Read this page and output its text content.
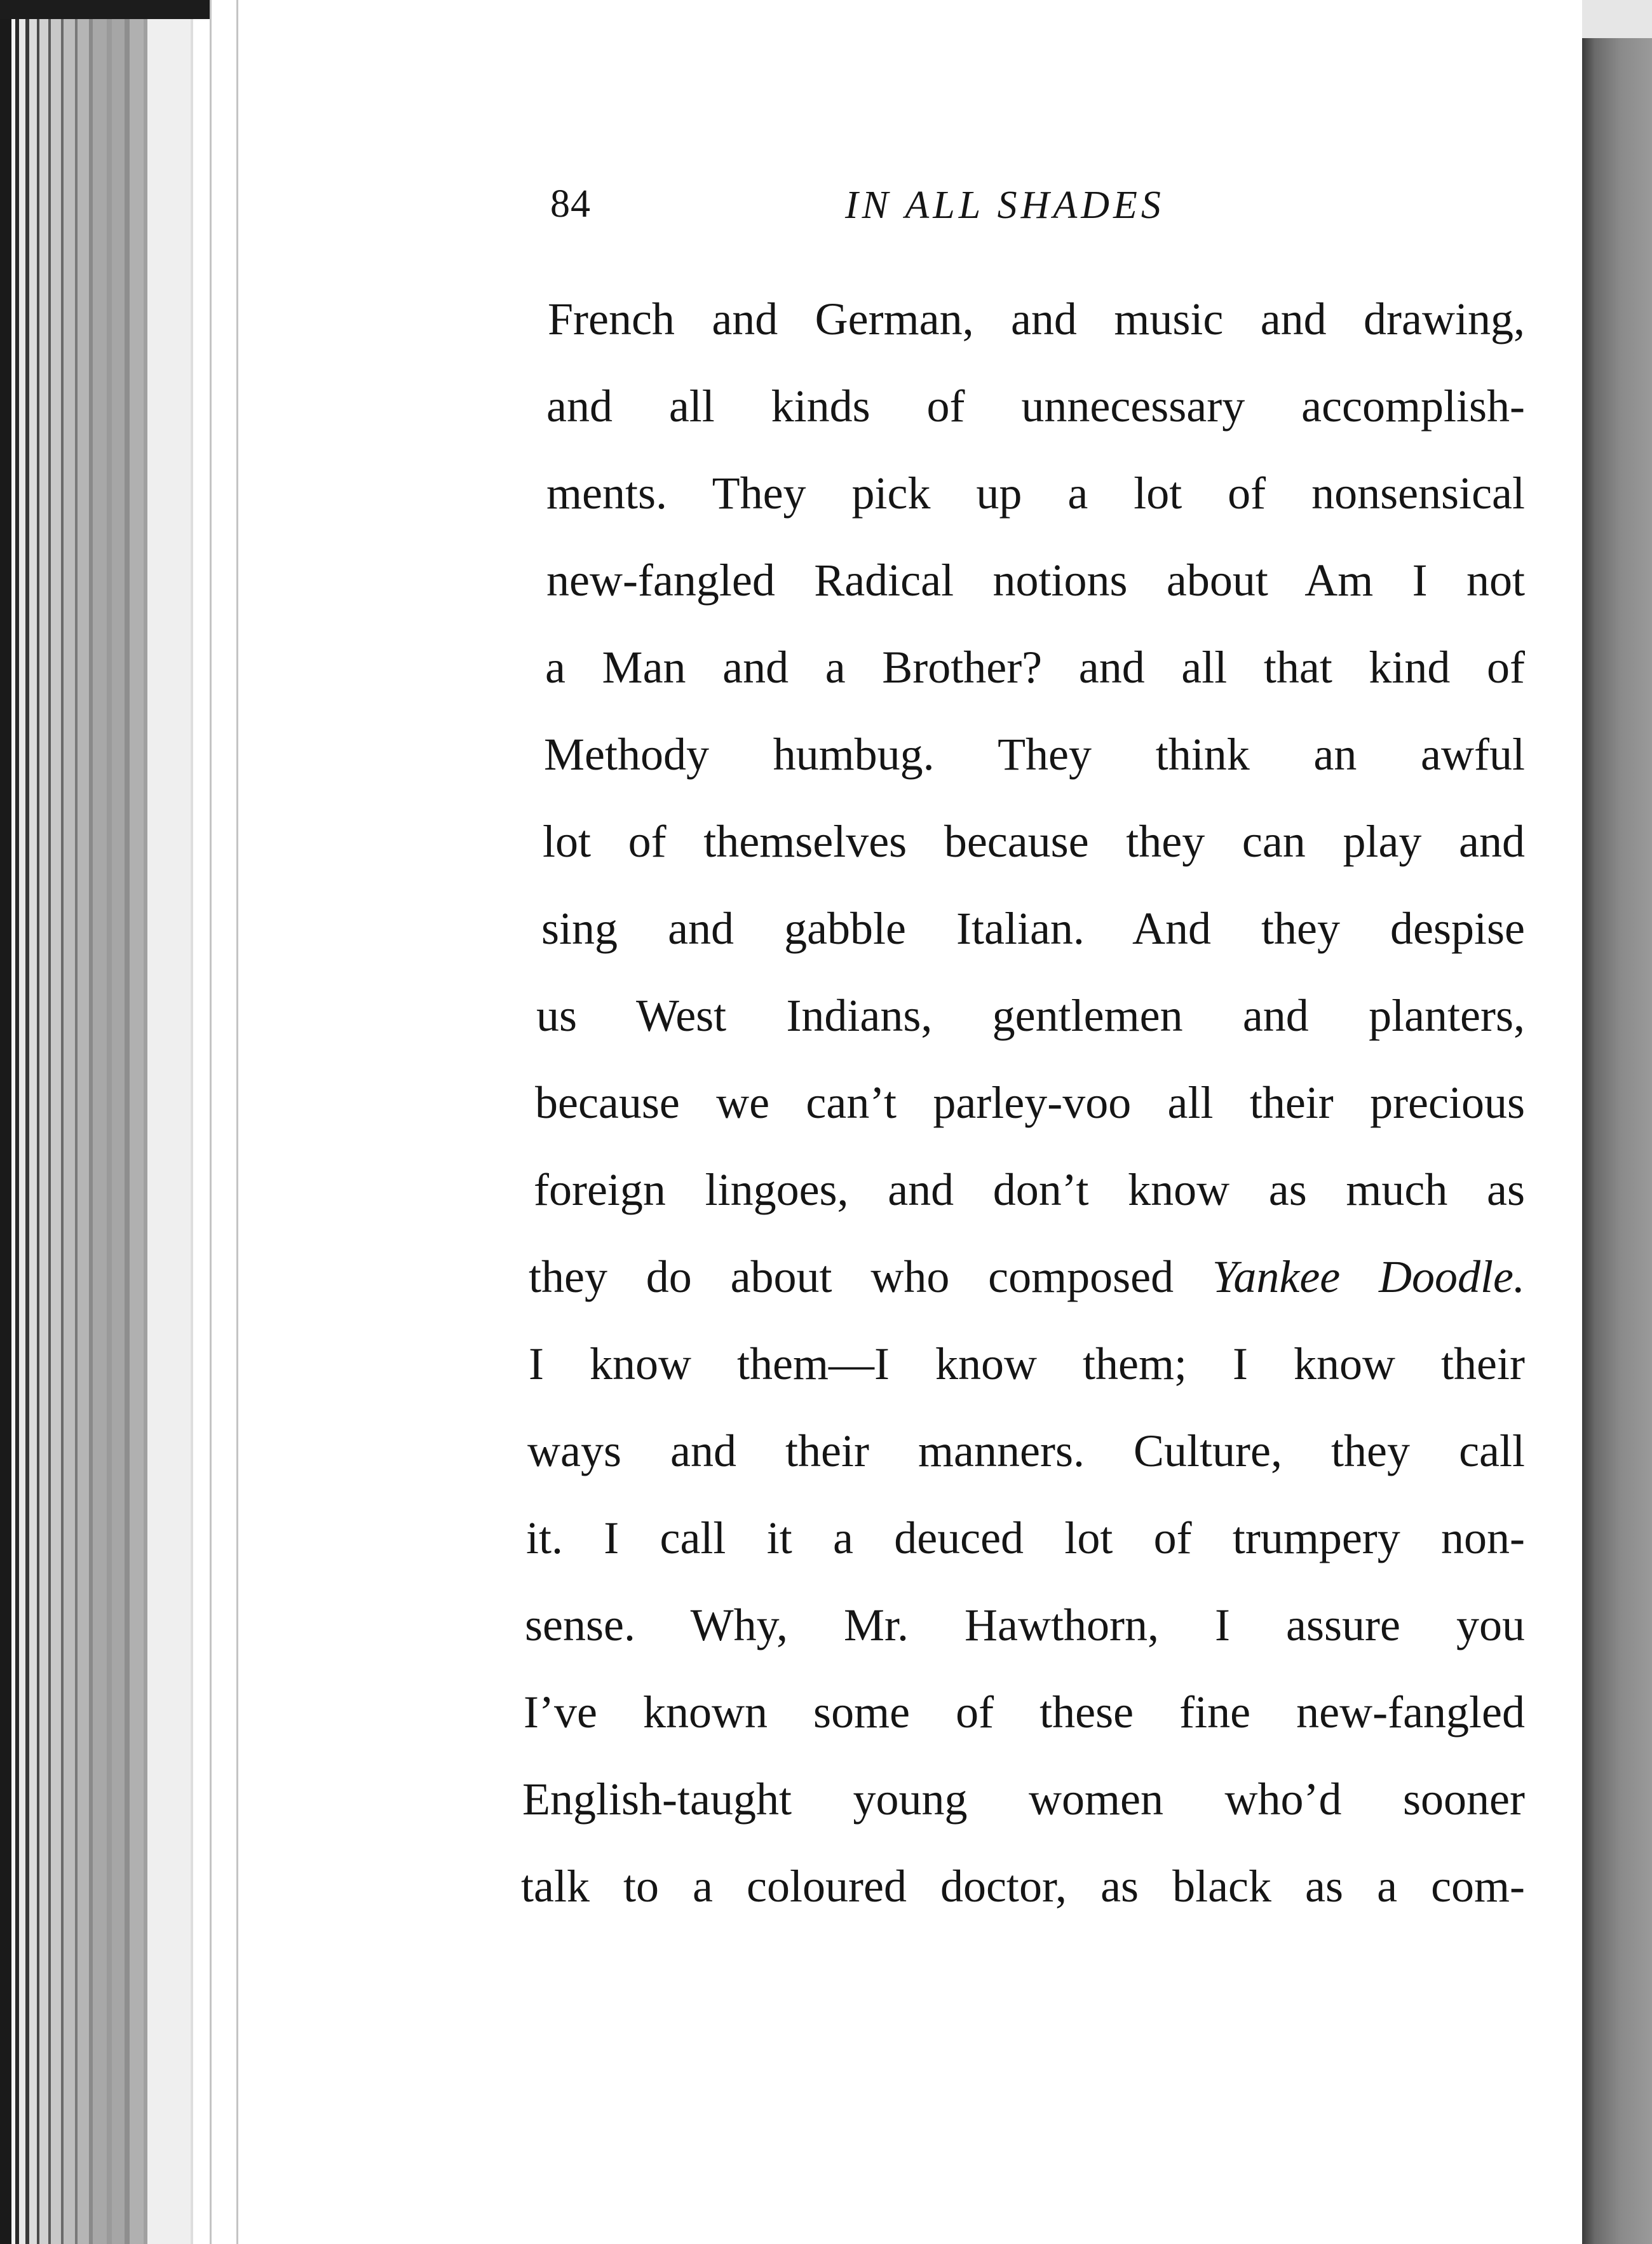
84	IN ALL SHADES
French and German, and music and drawing,
and all kinds of unnecessary accomplish-
ments. They pick up a lot of nonsensical
new-fangled Radical notions about Am I not
a Man and a Brother? and all that kind of
Methody humbug. They think an awful
lot of themselves because they can play and
sing and gabble Italian. And they despise
us West Indians, gentlemen and planters,
because we can’t parley-voo all their precious
foreign lingoes, and don’t know as much as
they do about who composed Yankee Doodle.
I know them—I know them; I know their
ways and their manners. Culture, they call
it. I call it a deuced lot of trumpery non-
sense. Why, Mr. Hawthorn, I assure you
I’ve known some of these fine new-fangled
English-taught young women who’d sooner
talk to a coloured doctor, as black as a com-
